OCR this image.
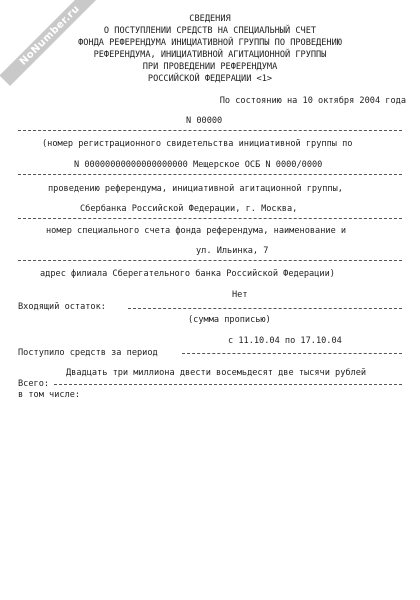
NoNumber.ru	СВЕДЕНИЯ
О ПОСТУПЛЕНИИ СРЕДСТВ НА СПЕЦИАЛЬНЫЙ СЧЕТ
ФОНДА РЕФЕРЕНДУМА ИНИЦИАТИВНОЙ ГРУППЫ ПО ПРОВЕДЕНИЮ
РЕФЕРЕНДУМА, ИНИЦИАТИВНОЙ АГИТАЦИОННОЙ ГРУППЫ
ПРИ ПРОВЕДЕНИИ РЕФЕРЕНДУМА
РОССИЙСКОЙ ФЕДЕРАЦИИ <1>
По состоянию на 10 октября 2004 года
N 00000
(номер регистрационного свидетельства инициативной группы по
N 00000000000000000000 Мещерское ОСБ N 0000/0000
проведению референдума, инициативной агитационной группы,
Сбербанка Российской Федерации, г. Москва,
номер специального счета фонда референдума, наименование и
ул. Ильинка, 7
адрес филиала Сберегательного банка Российской Федерации)
Нет
Входящий остаток:
(сумма прописью)
с 11.10.04 по 17.10.04
Поступило средств за период
Двадцать три миллиона двести восемьдесят две тысячи рублей
Всего:
в том числе:
